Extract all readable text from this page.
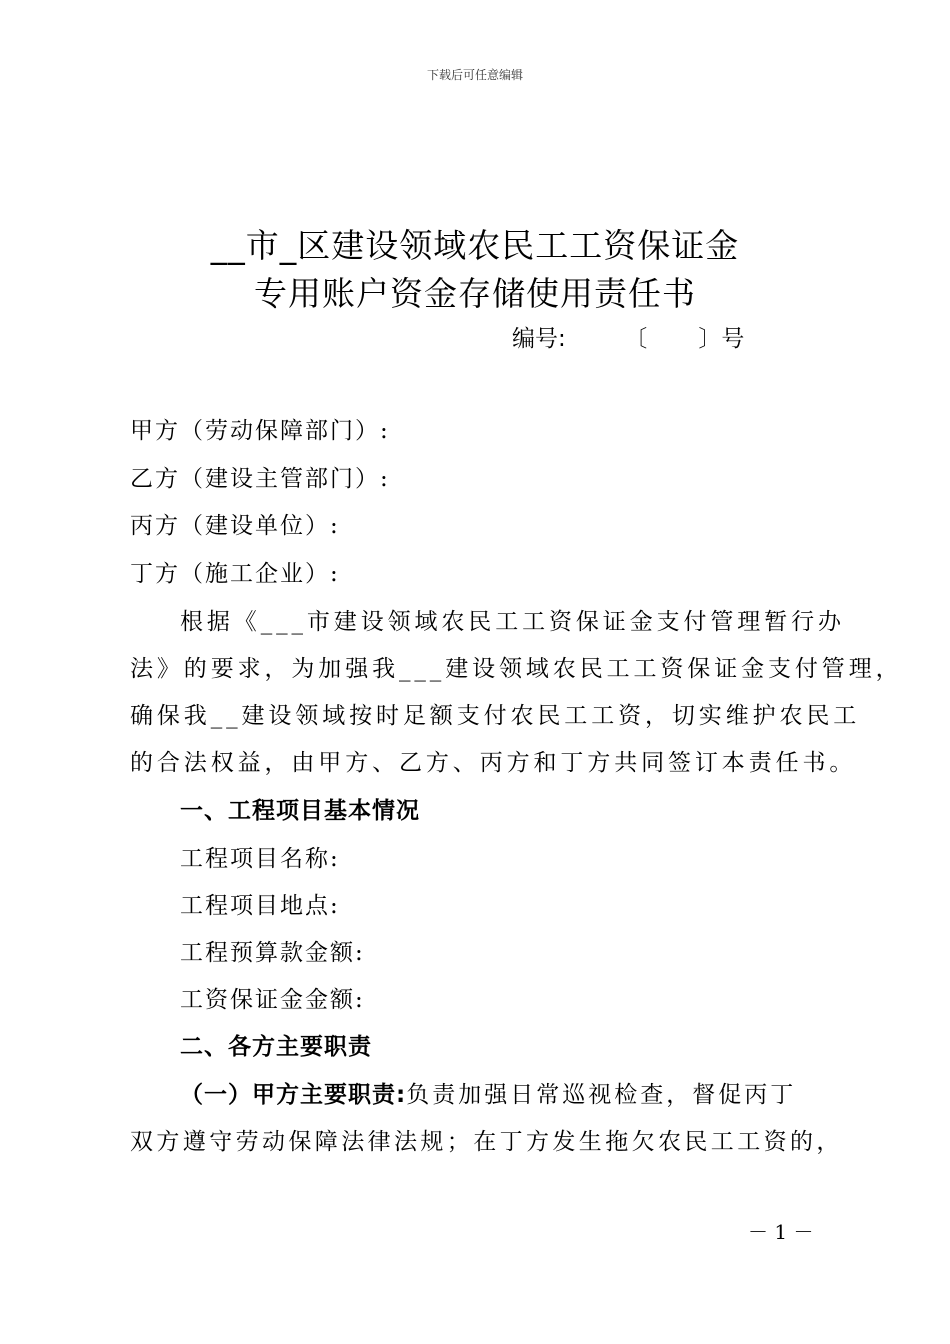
下载后可任意编辑
__市_区建设领域农民工工资保证金
专用账户资金存储使用责任书
编号:        〔       〕号
甲方（劳动保障部门）:
乙方（建设主管部门）:
丙方（建设单位）:
丁方（施工企业）:
根据《___市建设领域农民工工资保证金支付管理暂行办
法》的要求，为加强我___建设领域农民工工资保证金支付管理，
确保我__建设领域按时足额支付农民工工资，切实维护农民工
的合法权益，由甲方、乙方、丙方和丁方共同签订本责任书。
一、工程项目基本情况
工程项目名称:
工程项目地点:
工程预算款金额:
工资保证金金额:
二、各方主要职责
（一）甲方主要职责:负责加强日常巡视检查，督促丙丁
双方遵守劳动保障法律法规；在丁方发生拖欠农民工工资的，
－ 1 －
